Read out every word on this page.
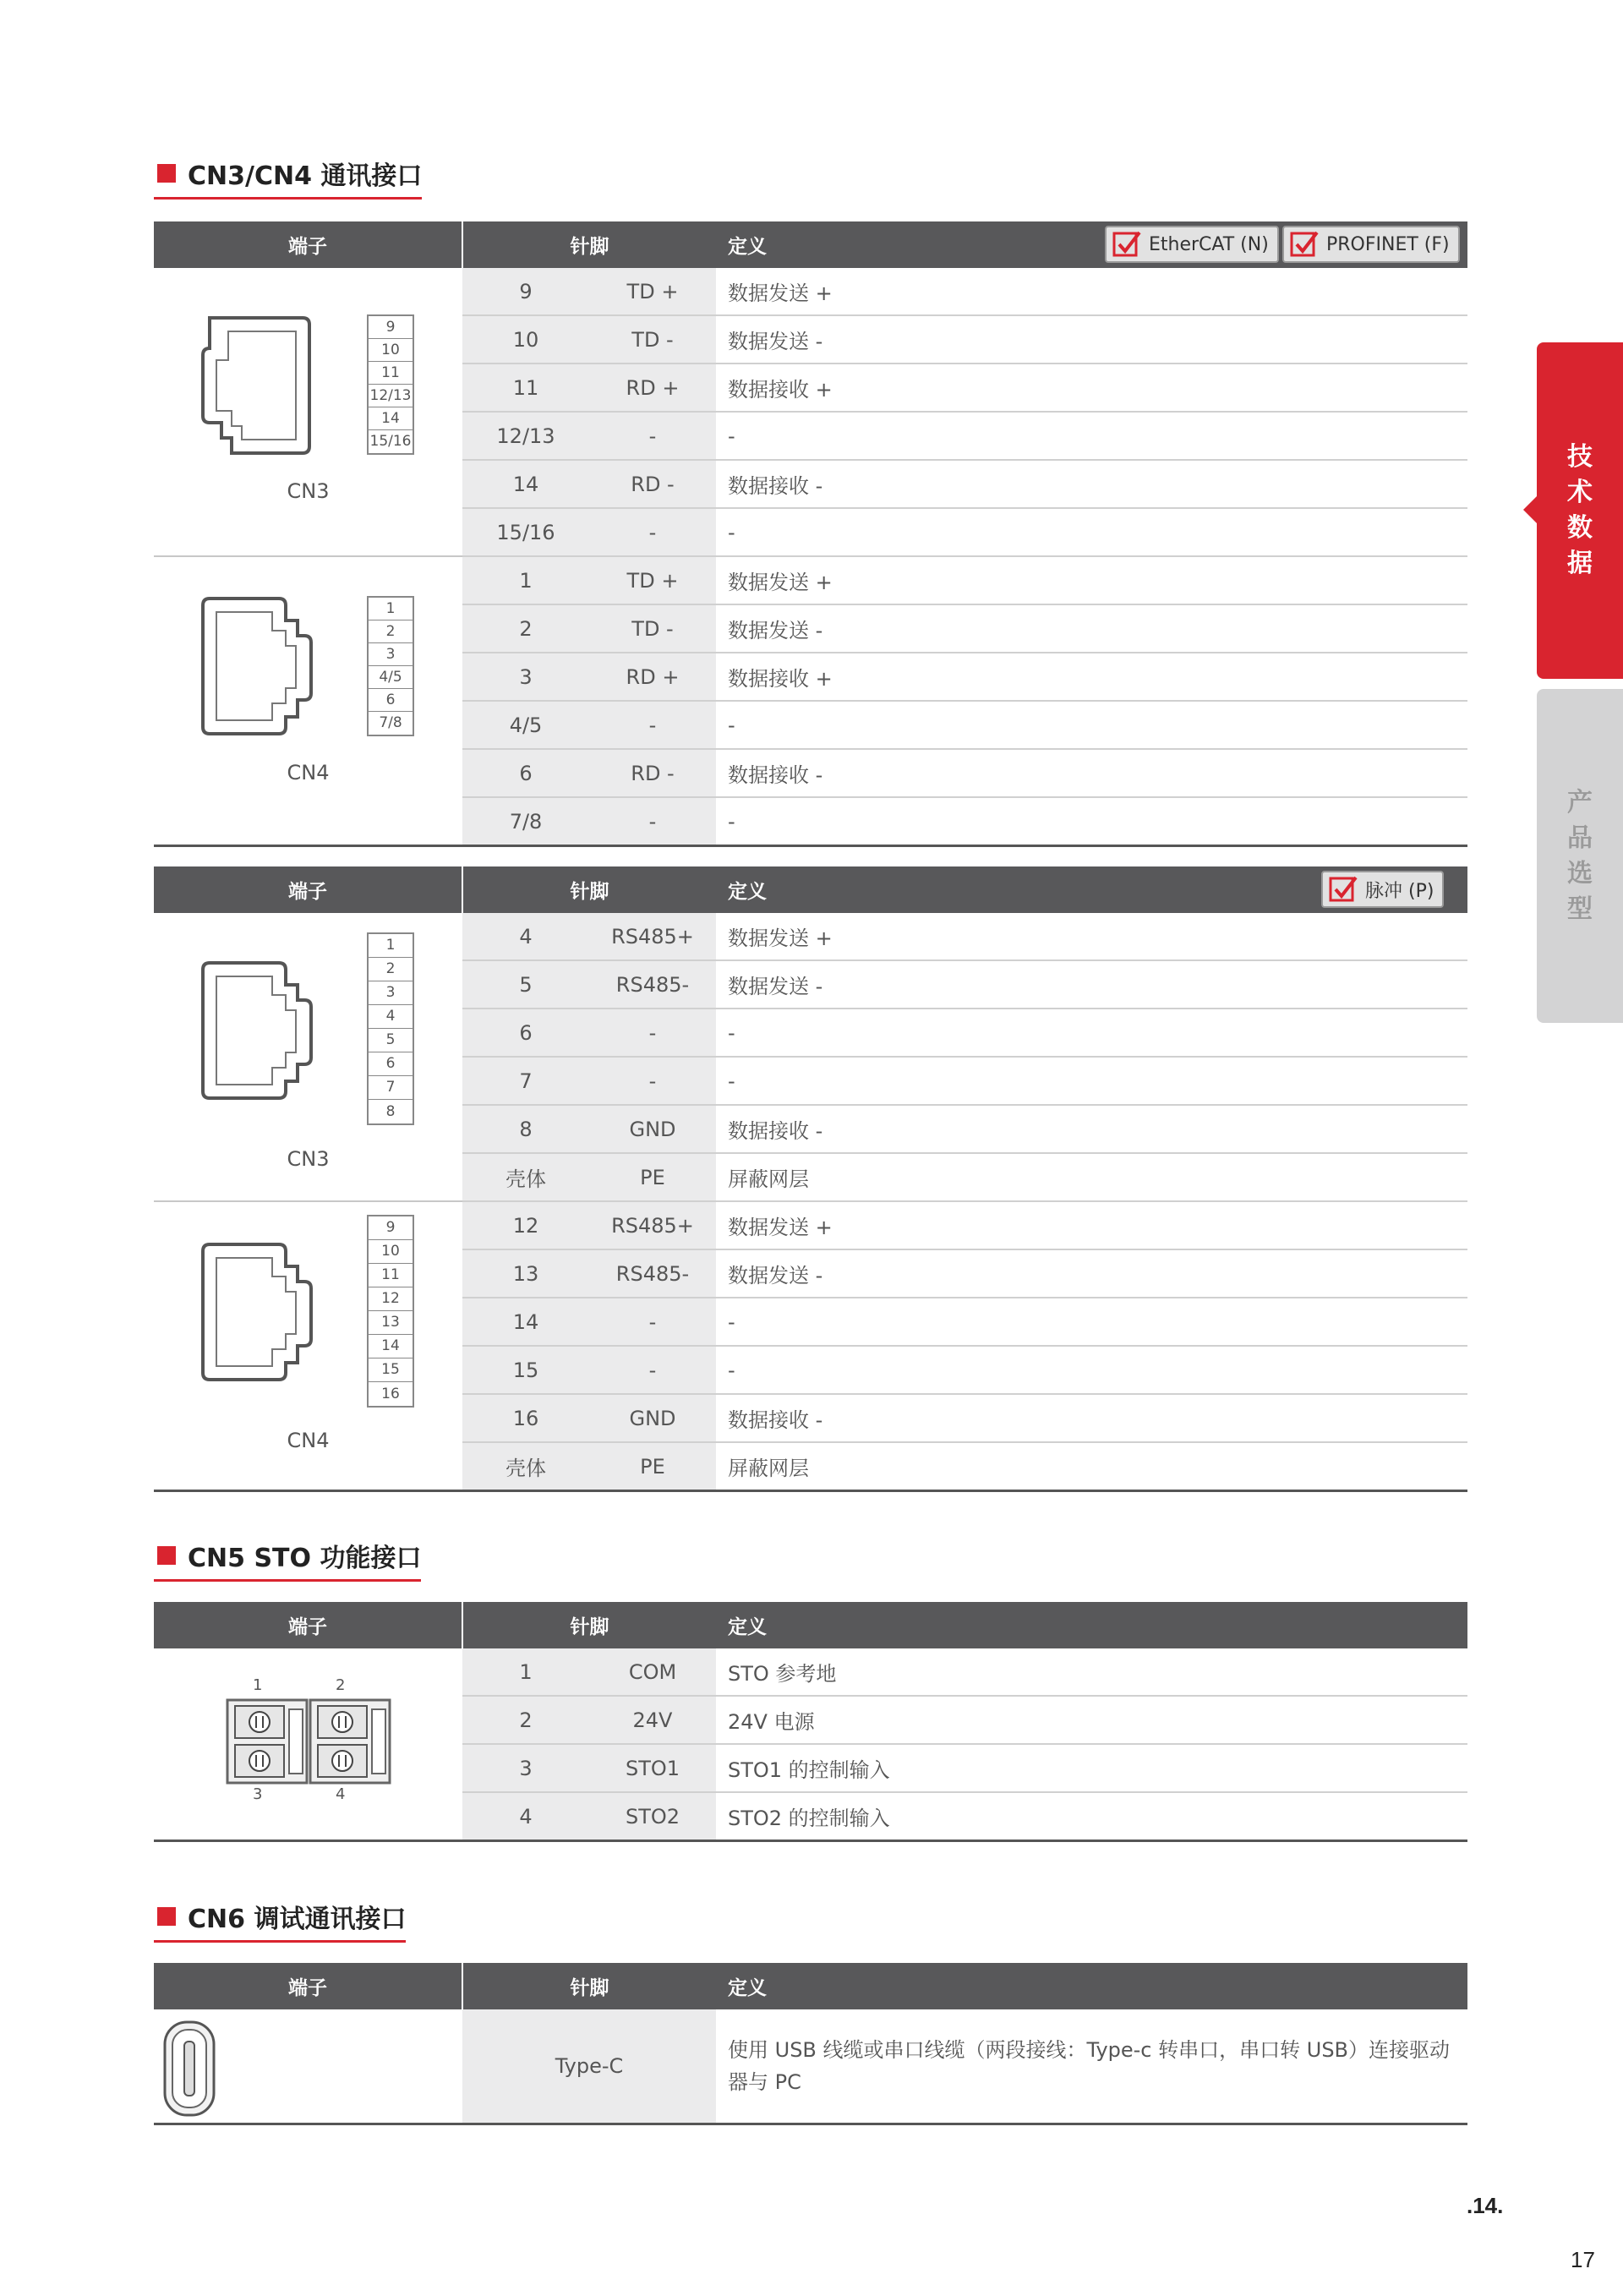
CN3/CN4 通讯接口
端子	针脚		定义 EtherCAT (N) PROFINET (F)

	9	TD +	数据发送 +
	10	TD -	数据发送 -
	11	RD +	数据接收 +
	12/13	-	-
	14	RD -	数据接收 -
	15/16	-	-
	1	TD +	数据发送 +
	2	TD -	数据发送 -
	3	RD +	数据接收 +
	4/5	-	-
	6	RD -	数据接收 -
	7/8	-	-
9
10
11
12/13
14
15/16
CN3
1
2
3
4/5
6
7/8
CN4
端子	针脚		定义 脉冲 (P)

	4	RS485+	数据发送 +
	5	RS485-	数据发送 -
	6	-	-
	7	-	-
	8	GND	数据接收 -
	壳体	PE	屏蔽网层
	12	RS485+	数据发送 +
	13	RS485-	数据发送 -
	14	-	-
	15	-	-
	16	GND	数据接收 -
	壳体	PE	屏蔽网层
1
2
3
4
5
6
7
8
CN3
9
10
11
12
13
14
15
16
CN4
CN5 STO 功能接口
端子	针脚		定义
	1	COM	STO 参考地
	2	24V	24V 电源
	3	STO1	STO1 的控制输入
	4	STO2	STO2 的控制输入
1	2
3	4
CN6 调试通讯接口
端子	针脚	定义

	Type-C	使用 USB 线缆或串口线缆（两段接线：Type-c 转串口，串口转 USB）连接驱动器与 PC
技
术
数
据
产
品
选
型
.14.
17
